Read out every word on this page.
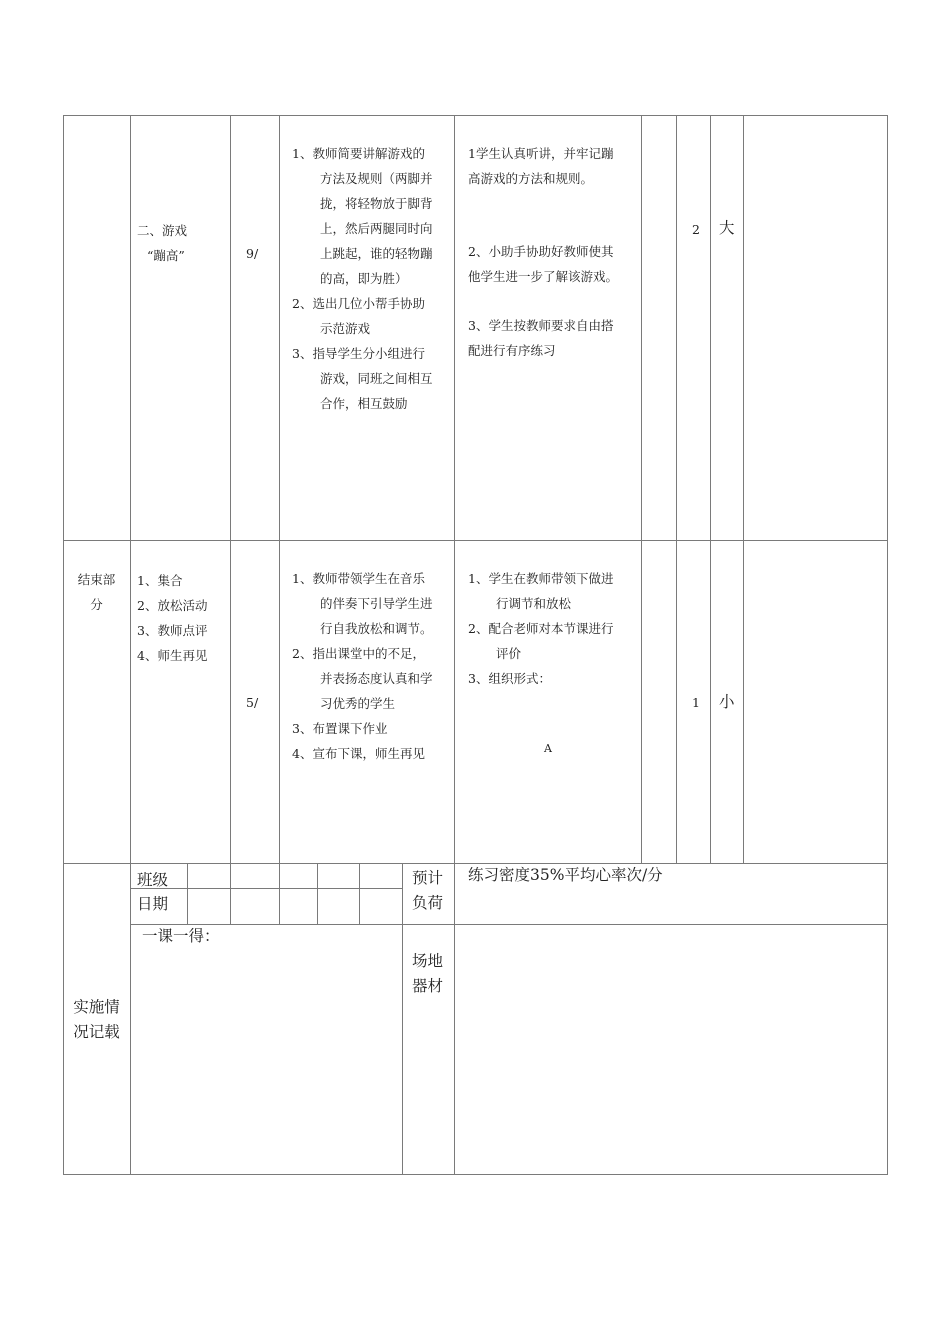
二、游戏
“蹦高”	9/
1、教师简要讲解游戏的
方法及规则（两脚并
拢，将轻物放于脚背
上，然后两腿同时向
上跳起，谁的轻物蹦
的高，即为胜）
2、选出几位小帮手协助
示范游戏
3、指导学生分小组进行
游戏，同班之间相互
合作，相互鼓励
1学生认真听讲，并牢记蹦
高游戏的方法和规则。
2、小助手协助好教师使其
他学生进一步了解该游戏。
3、学生按教师要求自由搭
配进行有序练习
2 大
结束部
分
1、集合
2、放松活动
3、教师点评
4、师生再见
5/
1、教师带领学生在音乐
的伴奏下引导学生进
行自我放松和调节。
2、指出课堂中的不足，
并表扬态度认真和学
习优秀的学生
3、布置课下作业
4、宣布下课，师生再见
1、学生在教师带领下做进
行调节和放松
2、配合老师对本节课进行
评价
3、组织形式：
A
1 小
实施情
况记载
班级
日期
预计
负荷
练习密度35%平均心率次/分
一课一得：
场地
器材
